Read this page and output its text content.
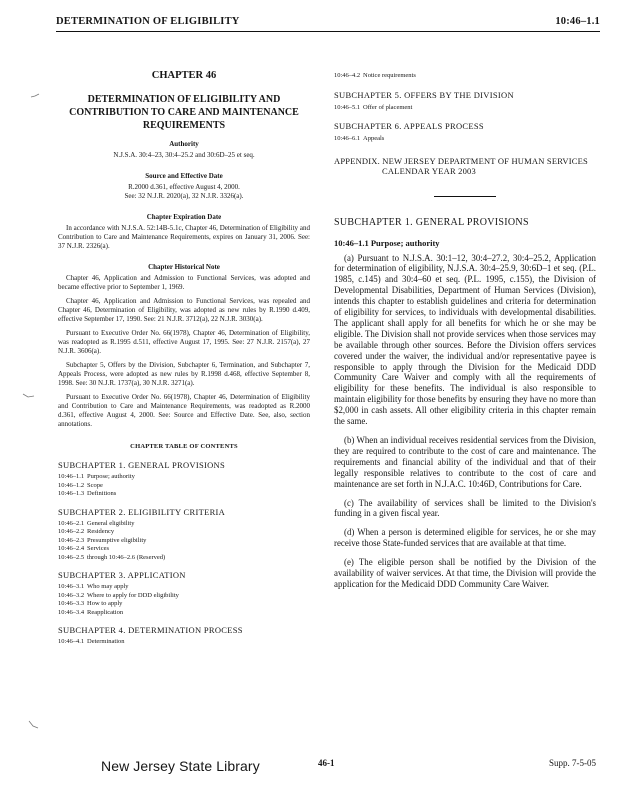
DETERMINATION OF ELIGIBILITY	10:46–1.1
CHAPTER 46
DETERMINATION OF ELIGIBILITY AND CONTRIBUTION TO CARE AND MAINTENANCE REQUIREMENTS
Authority
N.J.S.A. 30:4–23, 30:4–25.2 and 30:6D–25 et seq.
Source and Effective Date
R.2000 d.361, effective August 4, 2000.
See: 32 N.J.R. 2020(a), 32 N.J.R. 3326(a).
Chapter Expiration Date
In accordance with N.J.S.A. 52:14B-5.1c, Chapter 46, Determination of Eligibility and Contribution to Care and Maintenance Requirements, expires on January 31, 2006. See: 37 N.J.R. 2326(a).
Chapter Historical Note
Chapter 46, Application and Admission to Functional Services, was adopted and became effective prior to September 1, 1969.
Chapter 46, Application and Admission to Functional Services, was repealed and Chapter 46, Determination of Eligibility, was adopted as new rules by R.1990 d.409, effective September 17, 1990. See: 21 N.J.R. 3712(a), 22 N.J.R. 3030(a).
Pursuant to Executive Order No. 66(1978), Chapter 46, Determination of Eligibility, was readopted as R.1995 d.511, effective August 17, 1995. See: 27 N.J.R. 2157(a), 27 N.J.R. 3606(a).
Subchapter 5, Offers by the Division, Subchapter 6, Termination, and Subchapter 7, Appeals Process, were adopted as new rules by R.1998 d.468, effective September 8, 1998. See: 30 N.J.R. 1737(a), 30 N.J.R. 3271(a).
Pursuant to Executive Order No. 66(1978), Chapter 46, Determination of Eligibility and Contribution to Care and Maintenance Requirements, was readopted as R.2000 d.361, effective August 4, 2000. See: Source and Effective Date. See, also, section annotations.
CHAPTER TABLE OF CONTENTS
SUBCHAPTER 1. GENERAL PROVISIONS
10:46–1.1 Purpose; authority
10:46–1.2 Scope
10:46–1.3 Definitions
SUBCHAPTER 2. ELIGIBILITY CRITERIA
10:46–2.1 General eligibility
10:46–2.2 Residency
10:46–2.3 Presumptive eligibility
10:46–2.4 Services
10:46–2.5 through 10:46–2.6 (Reserved)
SUBCHAPTER 3. APPLICATION
10:46–3.1 Who may apply
10:46–3.2 Where to apply for DDD eligibility
10:46–3.3 How to apply
10:46–3.4 Reapplication
SUBCHAPTER 4. DETERMINATION PROCESS
10:46–4.1 Determination
10:46–4.2 Notice requirements
SUBCHAPTER 5. OFFERS BY THE DIVISION
10:46–5.1 Offer of placement
SUBCHAPTER 6. APPEALS PROCESS
10:46–6.1 Appeals
APPENDIX. NEW JERSEY DEPARTMENT OF HUMAN SERVICES CALENDAR YEAR 2003
SUBCHAPTER 1. GENERAL PROVISIONS
10:46–1.1 Purpose; authority
(a) Pursuant to N.J.S.A. 30:1–12, 30:4–27.2, 30:4–25.2, Application for determination of eligibility, N.J.S.A. 30:4–25.9, 30:6D–1 et seq. (P.L. 1985, c.145) and 30:4–60 et seq. (P.L. 1995, c.155), the Division of Developmental Disabilities, Department of Human Services (Division), intends this chapter to establish guidelines and criteria for determination of eligibility for services, to individuals with developmental disabilities. The applicant shall apply for all benefits for which he or she may be eligible. The Division shall not provide services when those services may be available through other sources. Before the Division offers services covered under the waiver, the individual and/or representative payee is responsible to apply through the Division for the Medicaid DDD Community Care Waiver and comply with all the requirements of eligibility for these benefits. The individual is also responsible to maintain eligibility for those benefits by ensuring they have no more than $2,000 in cash assets. All other eligibility criteria in this chapter remain the same.
(b) When an individual receives residential services from the Division, they are required to contribute to the cost of care and maintenance. The requirements and financial ability of the individual and that of their legally responsible relatives to contribute to the cost of care and maintenance are set forth in N.J.A.C. 10:46D, Contributions for Care.
(c) The availability of services shall be limited to the Division's funding in a given fiscal year.
(d) When a person is determined eligible for services, he or she may receive those State-funded services that are available at that time.
(e) The eligible person shall be notified by the Division of the availability of waiver services. At that time, the Division will provide the application for the Medicaid DDD Community Care Waiver.
New Jersey State Library	46-1	Supp. 7-5-05
